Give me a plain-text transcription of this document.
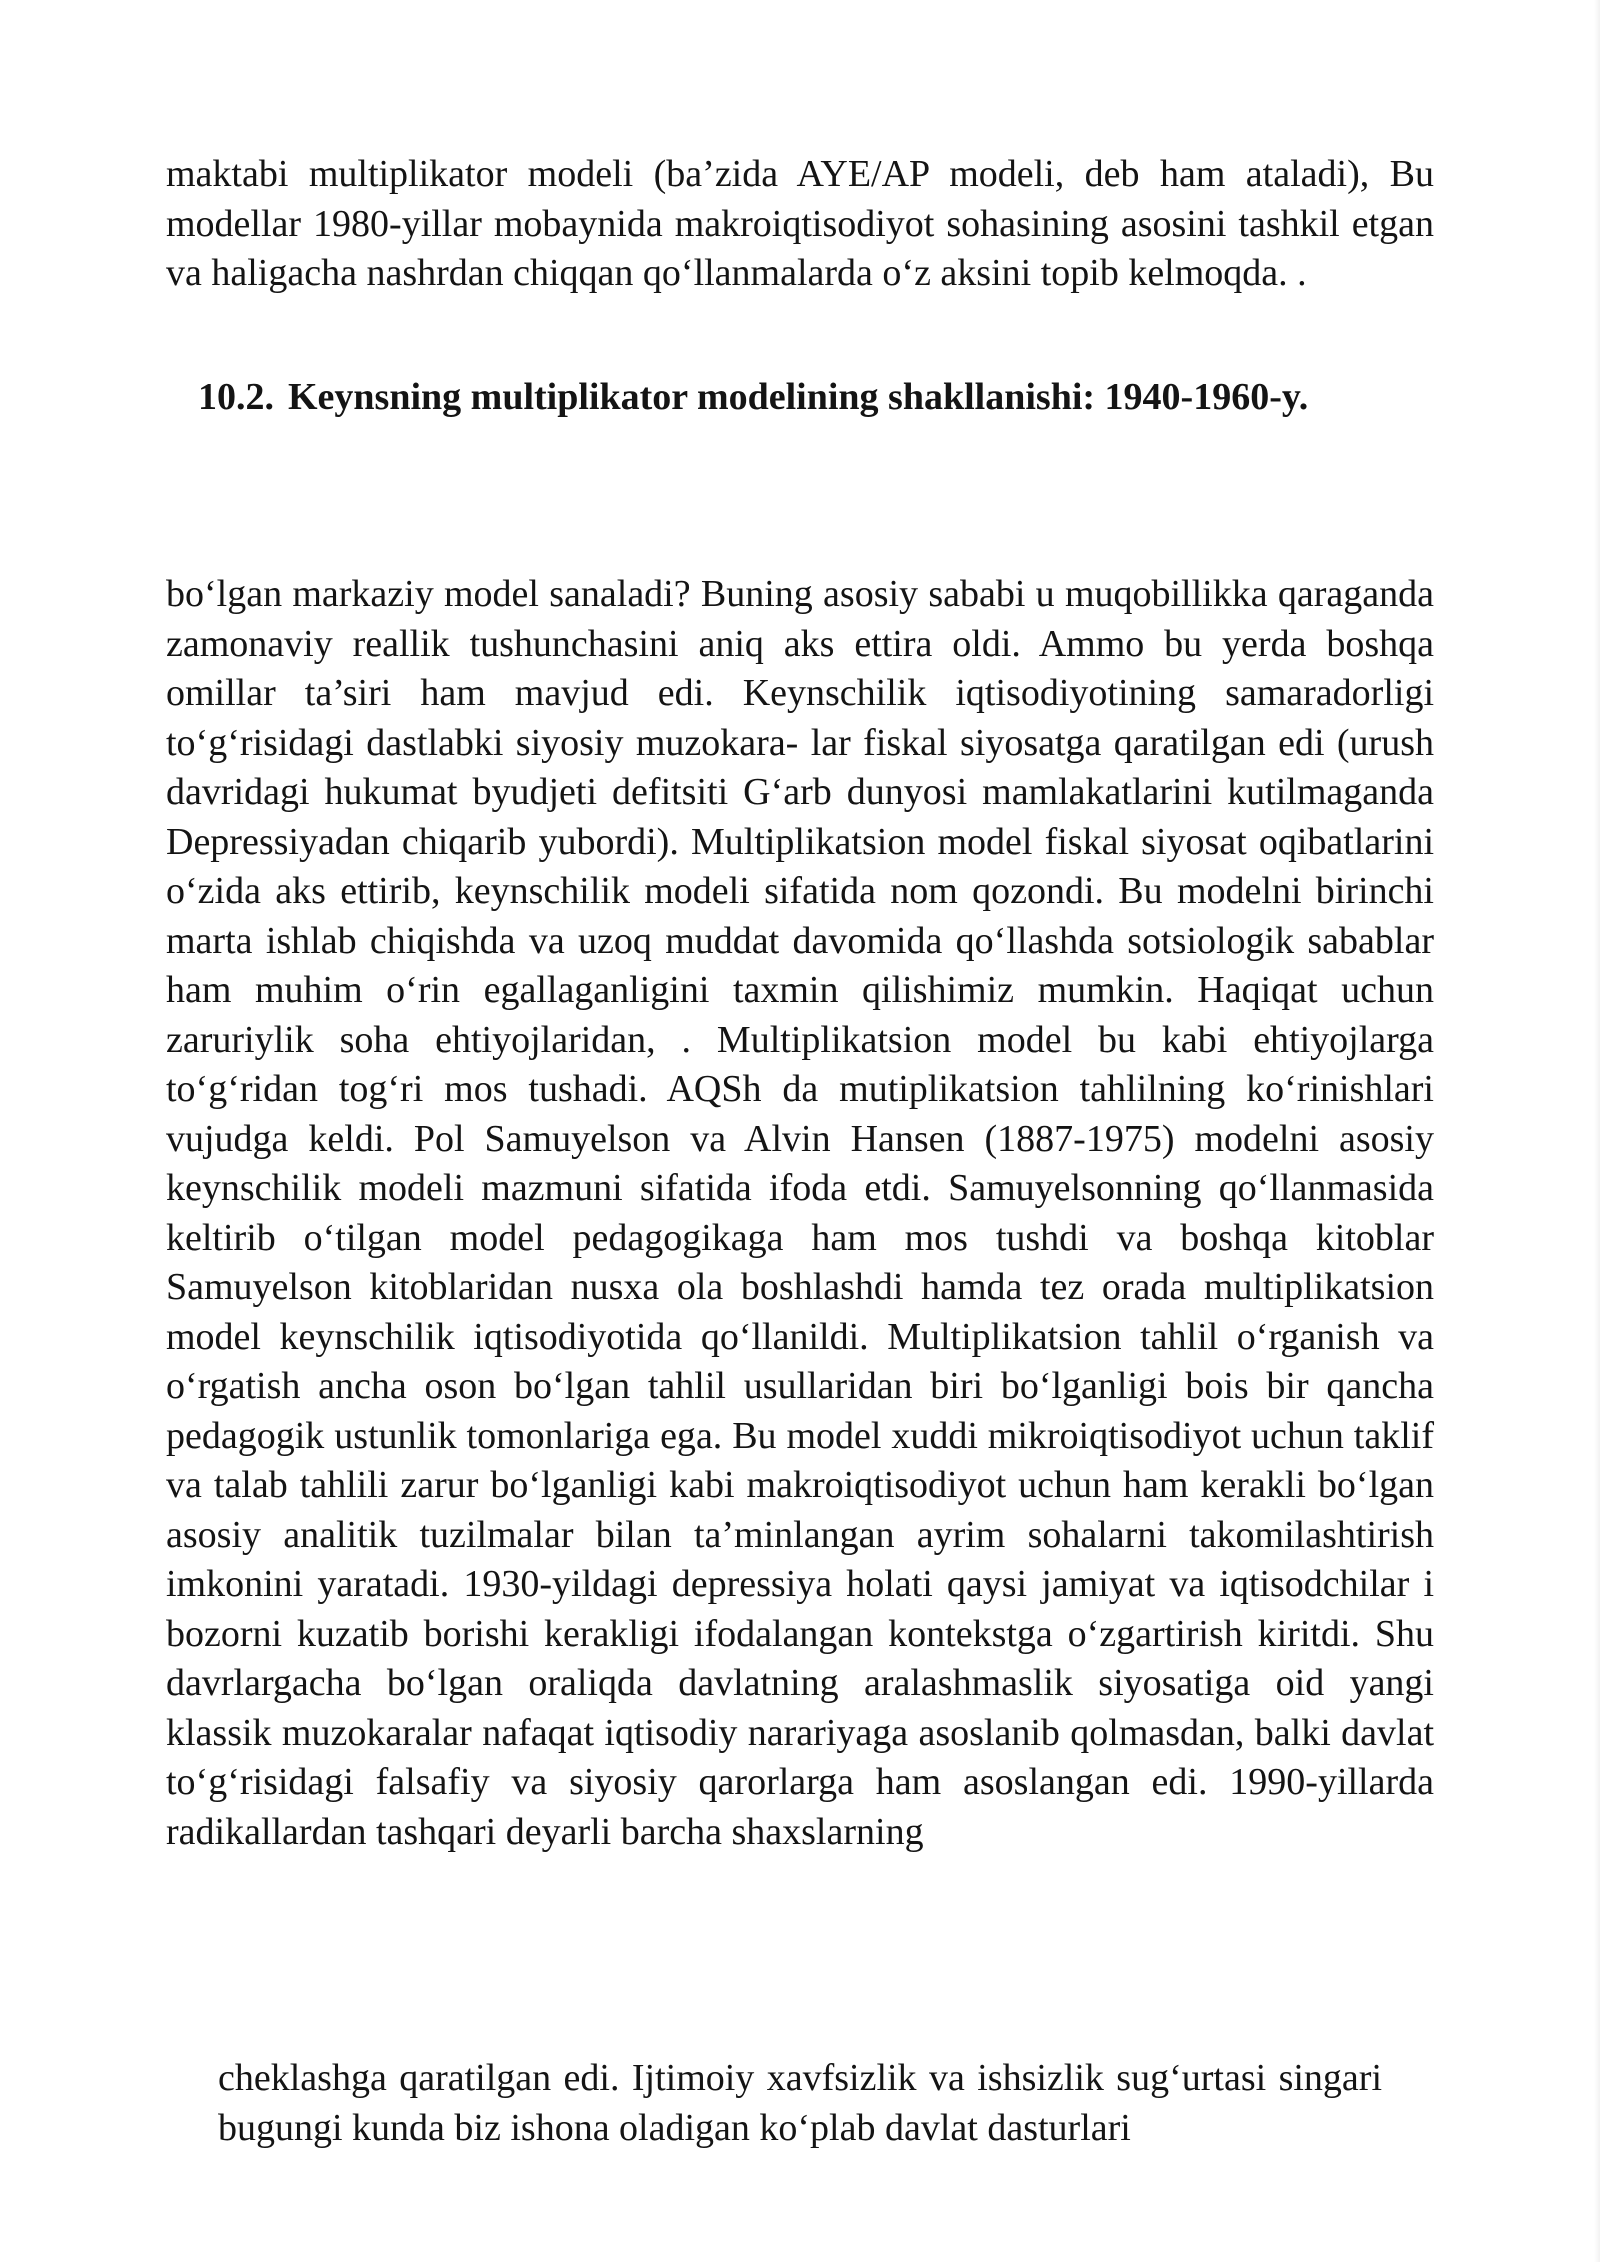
maktabi multiplikator modeli (ba’zida AYE/AP modeli, deb ham ataladi), Bu modellar 1980-yillar mobaynida makroiqtisodiyot sohasining asosini tashkil etgan va haligacha nashrdan chiqqan qo‘llanmalarda o‘z aksini topib kelmoqda. .

10.2. Keynsning multiplikator modelining shakllanishi: 1940-1960-y.

bo‘lgan markaziy model sanaladi? Buning asosiy sababi u muqobillikka qaraganda zamonaviy reallik tushunchasini aniq aks ettira oldi. Ammo bu yerda boshqa omillar ta’siri ham mavjud edi. Keynschilik iqtisodiyotining samaradorligi to‘g‘risidagi dastlabki siyosiy muzokara- lar fiskal siyosatga qaratilgan edi (urush davridagi hukumat byudjeti defitsiti G‘arb dunyosi mamlakatlarini kutilmaganda Depressiyadan chiqarib yubordi). Multiplikatsion model fiskal siyosat oqibatlarini o‘zida aks ettirib, keynschilik modeli sifatida nom qozondi. Bu modelni birinchi marta ishlab chiqishda va uzoq muddat davomida qo‘llashda sotsiologik sabablar ham muhim o‘rin egallaganligini taxmin qilishimiz mumkin. Haqiqat uchun zaruriylik soha ehtiyojlaridan, . Multiplikatsion model bu kabi ehtiyojlarga to‘g‘ridan tog‘ri mos tushadi. AQSh da mutiplikatsion tahlilning ko‘rinishlari vujudga keldi. Pol Samuyelson va Alvin Hansen (1887-1975) modelni asosiy keynschilik modeli mazmuni sifatida ifoda etdi. Samuyelsonning qo‘llanmasida keltirib o‘tilgan model pedagogikaga ham mos tushdi va boshqa kitoblar Samuyelson kitoblaridan nusxa ola boshlashdi hamda tez orada multiplikatsion model keynschilik iqtisodiyotida qo‘llanildi. Multiplikatsion tahlil o‘rganish va o‘rgatish ancha oson bo‘lgan tahlil usullaridan biri bo‘lganligi bois bir qancha pedagogik ustunlik tomonlariga ega. Bu model xuddi mikroiqtisodiyot uchun taklif va talab tahlili zarur bo‘lganligi kabi makroiqtisodiyot uchun ham kerakli bo‘lgan asosiy analitik tuzilmalar bilan ta’minlangan ayrim sohalarni takomilashtirish imkonini yaratadi. 1930-yildagi depressiya holati qaysi jamiyat va iqtisodchilar i bozorni kuzatib borishi kerakligi ifodalangan kontekstga o‘zgartirish kiritdi. Shu davrlargacha bo‘lgan oraliqda davlatning aralashmaslik siyosatiga oid yangi klassik muzokaralar nafaqat iqtisodiy narariyaga asoslanib qolmasdan, balki davlat to‘g‘risidagi falsafiy va siyosiy qarorlarga ham asoslangan edi. 1990-yillarda radikallardan tashqari deyarli barcha shaxslarning

cheklashga qaratilgan edi. Ijtimoiy xavfsizlik va ishsizlik sug‘urtasi singari bugungi kunda biz ishona oladigan ko‘plab davlat dasturlari
